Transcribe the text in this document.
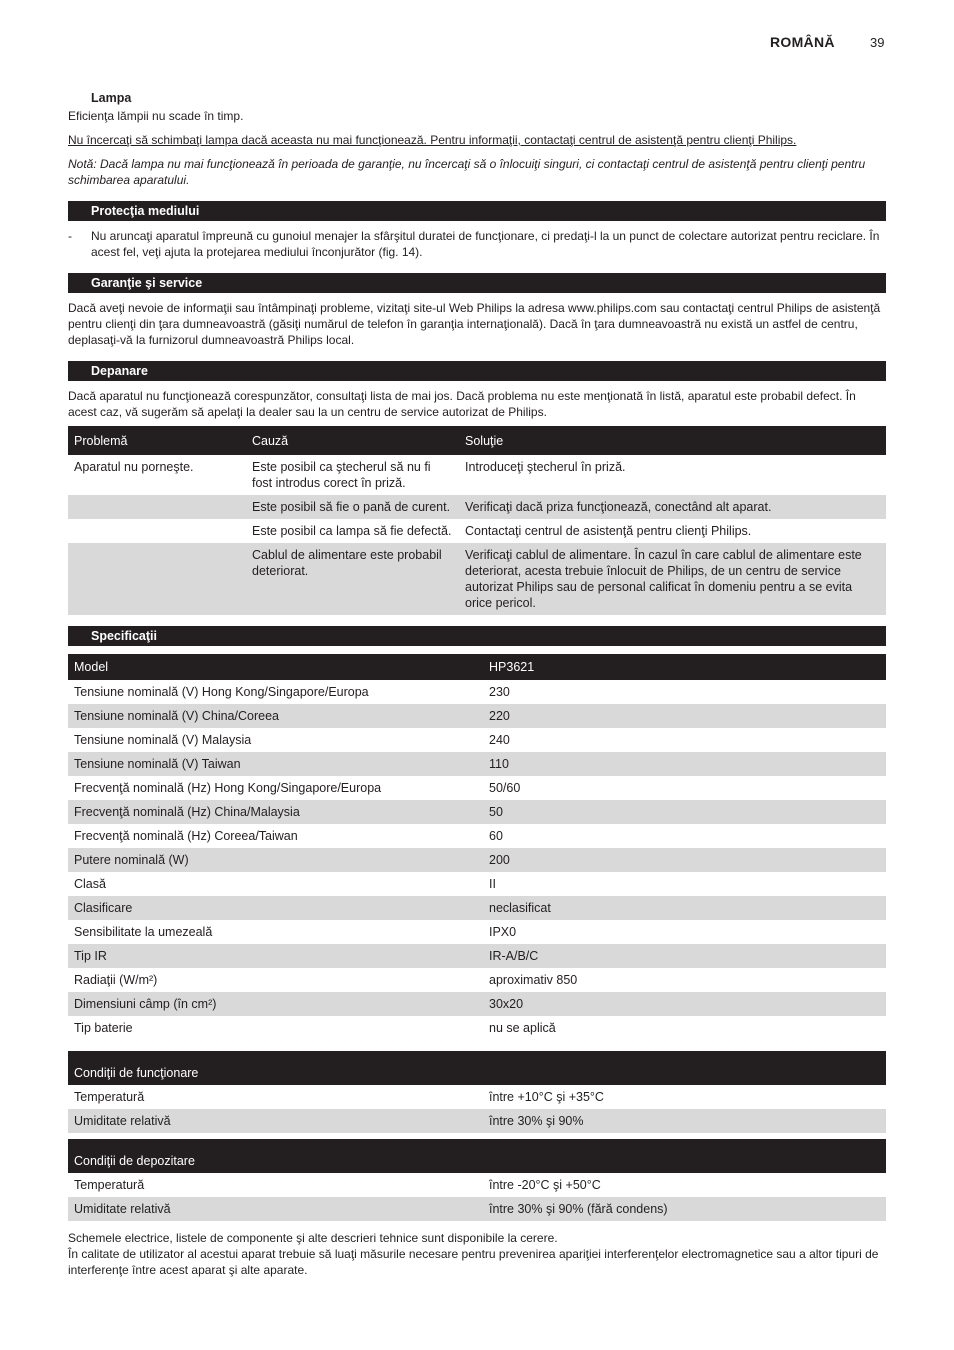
ROMÂNĂ	39
Lampa

Eficienţa lămpii nu scade în timp.

Nu încercaţi să schimbaţi lampa dacă aceasta nu mai funcţionează. Pentru informaţii, contactaţi centrul de asistenţă pentru clienţi Philips.

Notă: Dacă lampa nu mai funcţionează în perioada de garanţie, nu încercaţi să o înlocuiţi singuri, ci contactaţi centrul de asistenţă pentru clienţi pentru schimbarea aparatului.

Protecţia mediului
- Nu aruncaţi aparatul împreună cu gunoiul menajer la sfârşitul duratei de funcţionare, ci predaţi-l la un punct de colectare autorizat pentru reciclare. În acest fel, veţi ajuta la protejarea mediului înconjurător (fig. 14).

Garanţie şi service

Dacă aveţi nevoie de informaţii sau întâmpinaţi probleme, vizitaţi site-ul Web Philips la adresa www.philips.com sau contactaţi centrul Philips de asistenţă pentru clienţi din ţara dumneavoastră (găsiţi numărul de telefon în garanţia internaţională). Dacă în ţara dumneavoastră nu există un astfel de centru, deplasaţi-vă la furnizorul dumneavoastră Philips local.

Depanare

Dacă aparatul nu funcţionează corespunzător, consultaţi lista de mai jos. Dacă problema nu este menţionată în listă, aparatul este probabil defect. În acest caz, vă sugerăm să apelaţi la dealer sau la un centru de service autorizat de Philips.

Problemă	Cauză	Soluţie
Aparatul nu porneşte.	Este posibil ca ştecherul să nu fi fost introdus corect în priză.	Introduceţi ştecherul în priză.
	Este posibil să fie o pană de curent.	Verificaţi dacă priza funcţionează, conectând alt aparat.
	Este posibil ca lampa să fie defectă.	Contactaţi centrul de asistenţă pentru clienţi Philips.
	Cablul de alimentare este probabil deteriorat.	Verificaţi cablul de alimentare. În cazul în care cablul de alimentare este deteriorat, acesta trebuie înlocuit de Philips, de un centru de service autorizat Philips sau de personal calificat în domeniu pentru a se evita orice pericol.
Specificaţii
Model	HP3621
Tensiune nominală (V) Hong Kong/Singapore/Europa	230
Tensiune nominală (V) China/Coreea	220
Tensiune nominală (V) Malaysia	240
Tensiune nominală (V) Taiwan	110
Frecvenţă nominală (Hz) Hong Kong/Singapore/Europa	50/60
Frecvenţă nominală (Hz) China/Malaysia	50
Frecvenţă nominală (Hz) Coreea/Taiwan	60
Putere nominală (W)	200
Clasă	II
Clasificare	neclasificat
Sensibilitate la umezeală	IPX0
Tip IR	IR-A/B/C
Radiaţii (W/m²)	aproximativ 850
Dimensiuni câmp (în cm²)	30x20
Tip baterie	nu se aplică
Condiţii de funcţionare	
Temperatură	între +10°C şi +35°C
Umiditate relativă	între 30% şi 90%
Condiţii de depozitare	
Temperatură	între -20°C şi +50°C
Umiditate relativă	între 30% şi 90% (fără condens)

Schemele electrice, listele de componente şi alte descrieri tehnice sunt disponibile la cerere.

În calitate de utilizator al acestui aparat trebuie să luaţi măsurile necesare pentru prevenirea apariţiei interferenţelor electromagnetice sau a altor tipuri de interferenţe între acest aparat şi alte aparate.
